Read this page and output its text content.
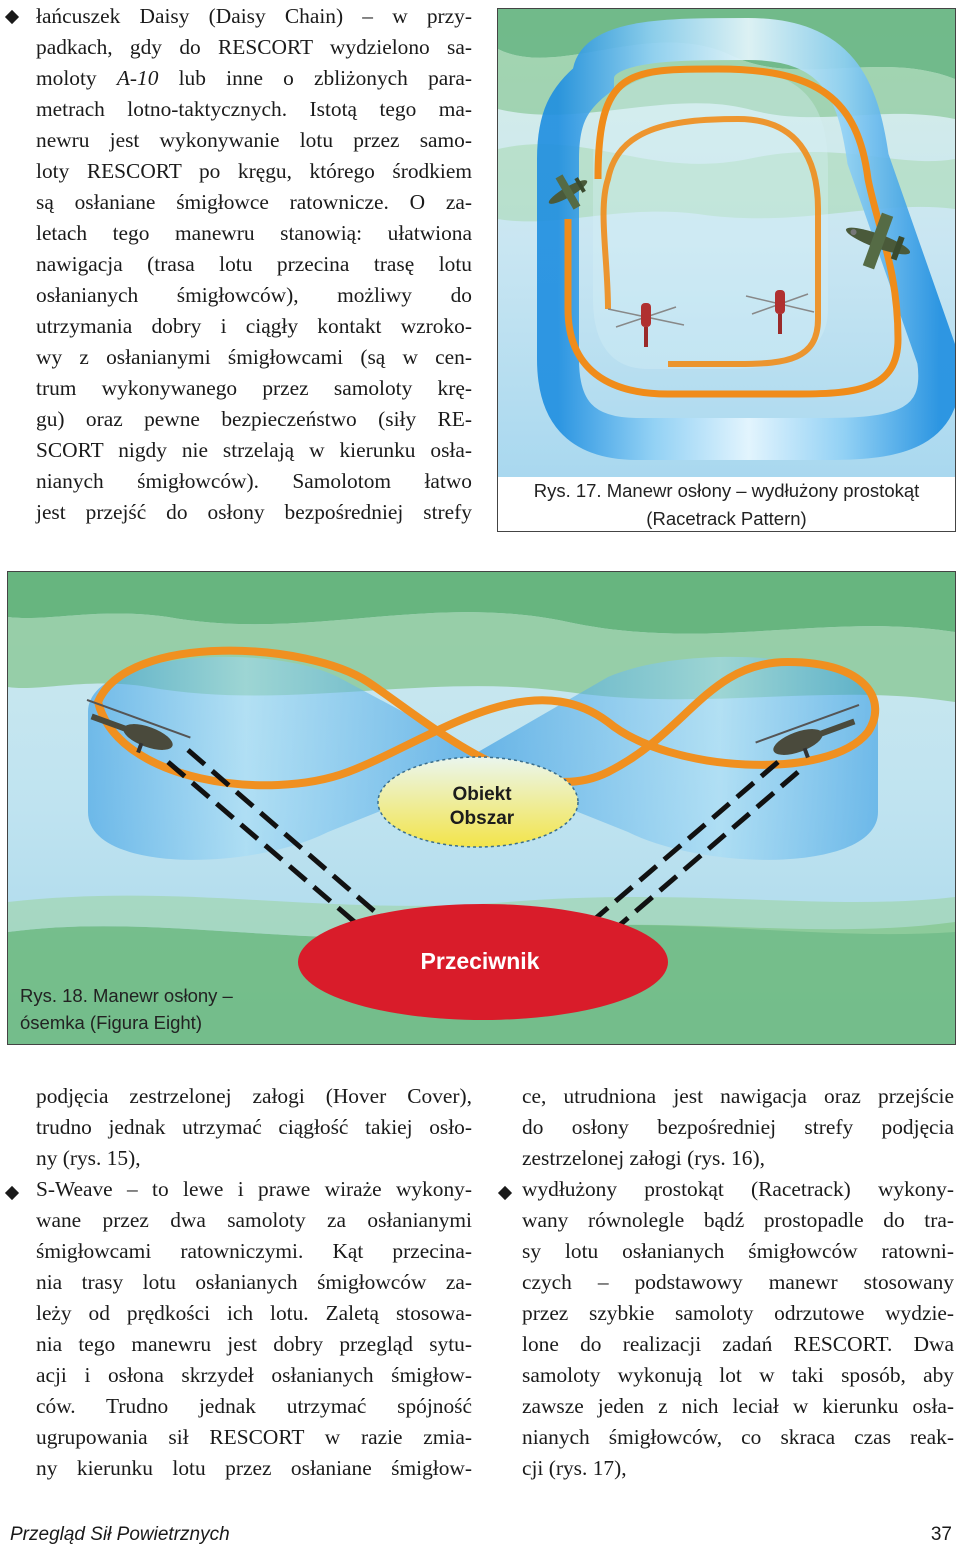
łańcuszek Daisy (Daisy Chain) – w przy-

padkach, gdy do RESCORT wydzielono sa-

moloty A-10 lub inne o zbliżonych para-

metrach lotno-taktycznych. Istotą tego ma-

newru jest wykonywanie lotu przez samo-

loty RESCORT po kręgu, którego środkiem

są osłaniane śmigłowce ratownicze. O za-

letach tego manewru stanowią: ułatwiona

nawigacja (trasa lotu przecina trasę lotu

osłanianych śmigłowców), możliwy do

utrzymania dobry i ciągły kontakt wzroko-

wy z osłanianymi śmigłowcami (są w cen-

trum wykonywanego przez samoloty krę-

gu) oraz pewne bezpieczeństwo (siły RE-

SCORT nigdy nie strzelają w kierunku osła-

nianych śmigłowców). Samolotom łatwo

jest przejść do osłony bezpośredniej strefy

Rys. 17. Manewr osłony – wydłużony prostokąt
(Racetrack Pattern)
Obiekt
Obszar
Przeciwnik
Rys. 18. Manewr osłony –
ósemka (Figura Eight)

podjęcia zestrzelonej załogi (Hover Cover),

trudno jednak utrzymać ciągłość takiej osło-

ny (rys. 15),

S-Weave – to lewe i prawe wiraże wykony-

wane przez dwa samoloty za osłanianymi

śmigłowcami ratowniczymi. Kąt przecina-

nia trasy lotu osłanianych śmigłowców za-

leży od prędkości ich lotu. Zaletą stosowa-

nia tego manewru jest dobry przegląd sytu-

acji i osłona skrzydeł osłanianych śmigłow-

ców. Trudno jednak utrzymać spójność

ugrupowania sił RESCORT w razie zmia-

ny kierunku lotu przez osłaniane śmigłow-

ce, utrudniona jest nawigacja oraz przejście

do osłony bezpośredniej strefy podjęcia

zestrzelonej załogi (rys. 16),

wydłużony prostokąt (Racetrack) wykony-

wany równolegle bądź prostopadle do tra-

sy lotu osłanianych śmigłowców ratowni-

czych – podstawowy manewr stosowany

przez szybkie samoloty odrzutowe wydzie-

lone do realizacji zadań RESCORT. Dwa

samoloty wykonują lot w taki sposób, aby

zawsze jeden z nich leciał w kierunku osła-

nianych śmigłowców, co skraca czas reak-

cji (rys. 17),

Przegląd Sił Powietrznych	37
